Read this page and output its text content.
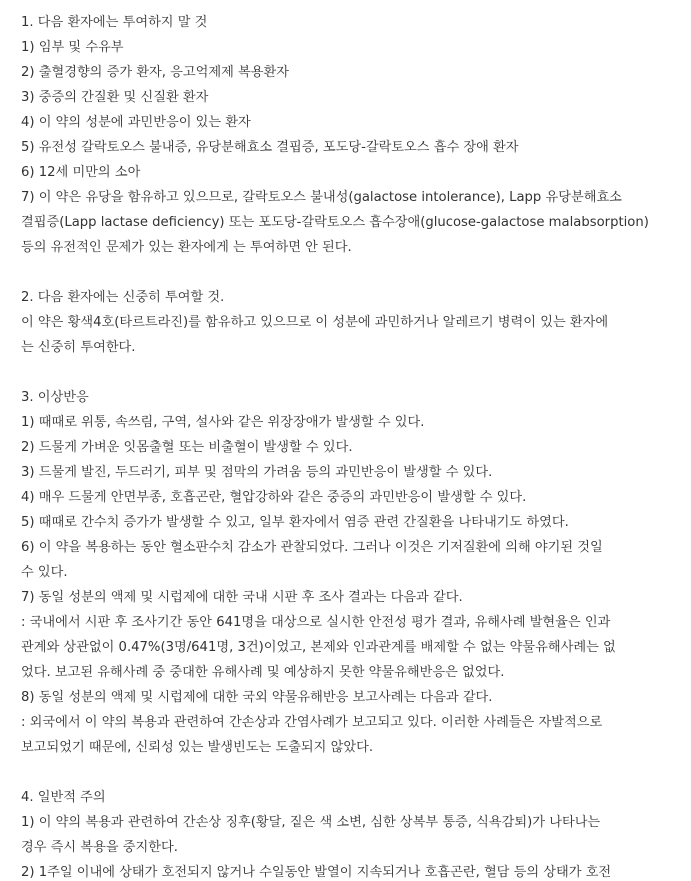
1. 다음 환자에는 투여하지 말 것
1) 임부 및 수유부
2) 출혈경향의 증가 환자, 응고억제제 복용환자
3) 중증의 간질환 및 신질환 환자
4) 이 약의 성분에 과민반응이 있는 환자
5) 유전성 갈락토오스 불내증, 유당분해효소 결핍증, 포도당-갈락토오스 흡수 장애 환자
6) 12세 미만의 소아
7) 이 약은 유당을 함유하고 있으므로, 갈락토오스 불내성(galactose intolerance), Lapp 유당분해효소
결핍증(Lapp lactase deficiency) 또는 포도당-갈락토오스 흡수장애(glucose-galactose malabsorption)
등의 유전적인 문제가 있는 환자에게 는 투여하면 안 된다.
2. 다음 환자에는 신중히 투여할 것.
이 약은 황색4호(타르트라진)를 함유하고 있으므로 이 성분에 과민하거나 알레르기 병력이 있는 환자에
는 신중히 투여한다.
3. 이상반응
1) 때때로 위통, 속쓰림, 구역, 설사와 같은 위장장애가 발생할 수 있다.
2) 드물게 가벼운 잇몸출혈 또는 비출혈이 발생할 수 있다.
3) 드물게 발진, 두드러기, 피부 및 점막의 가려움 등의 과민반응이 발생할 수 있다.
4) 매우 드물게 안면부종, 호흡곤란, 혈압강하와 같은 중증의 과민반응이 발생할 수 있다.
5) 때때로 간수치 증가가 발생할 수 있고, 일부 환자에서 염증 관련 간질환을 나타내기도 하였다.
6) 이 약을 복용하는 동안 혈소판수치 감소가 관찰되었다. 그러나 이것은 기저질환에 의해 야기된 것일
수 있다.
7) 동일 성분의 액제 및 시럽제에 대한 국내 시판 후 조사 결과는 다음과 같다.
: 국내에서 시판 후 조사기간 동안 641명을 대상으로 실시한 안전성 평가 결과, 유해사례 발현율은 인과
관계와 상관없이 0.47%(3명/641명, 3건)이었고, 본제와 인과관계를 배제할 수 없는 약물유해사례는 없
었다. 보고된 유해사례 중 중대한 유해사례 및 예상하지 못한 약물유해반응은 없었다.
8) 동일 성분의 액제 및 시럽제에 대한 국외 약물유해반응 보고사례는 다음과 같다.
: 외국에서 이 약의 복용과 관련하여 간손상과 간염사례가 보고되고 있다. 이러한 사례들은 자발적으로
보고되었기 때문에, 신뢰성 있는 발생빈도는 도출되지 않았다.
4. 일반적 주의
1) 이 약의 복용과 관련하여 간손상 징후(황달, 짙은 색 소변, 심한 상복부 통증, 식욕감퇴)가 나타나는
경우 즉시 복용을 중지한다.
2) 1주일 이내에 상태가 호전되지 않거나 수일동안 발열이 지속되거나 호흡곤란, 혈담 등의 상태가 호전
